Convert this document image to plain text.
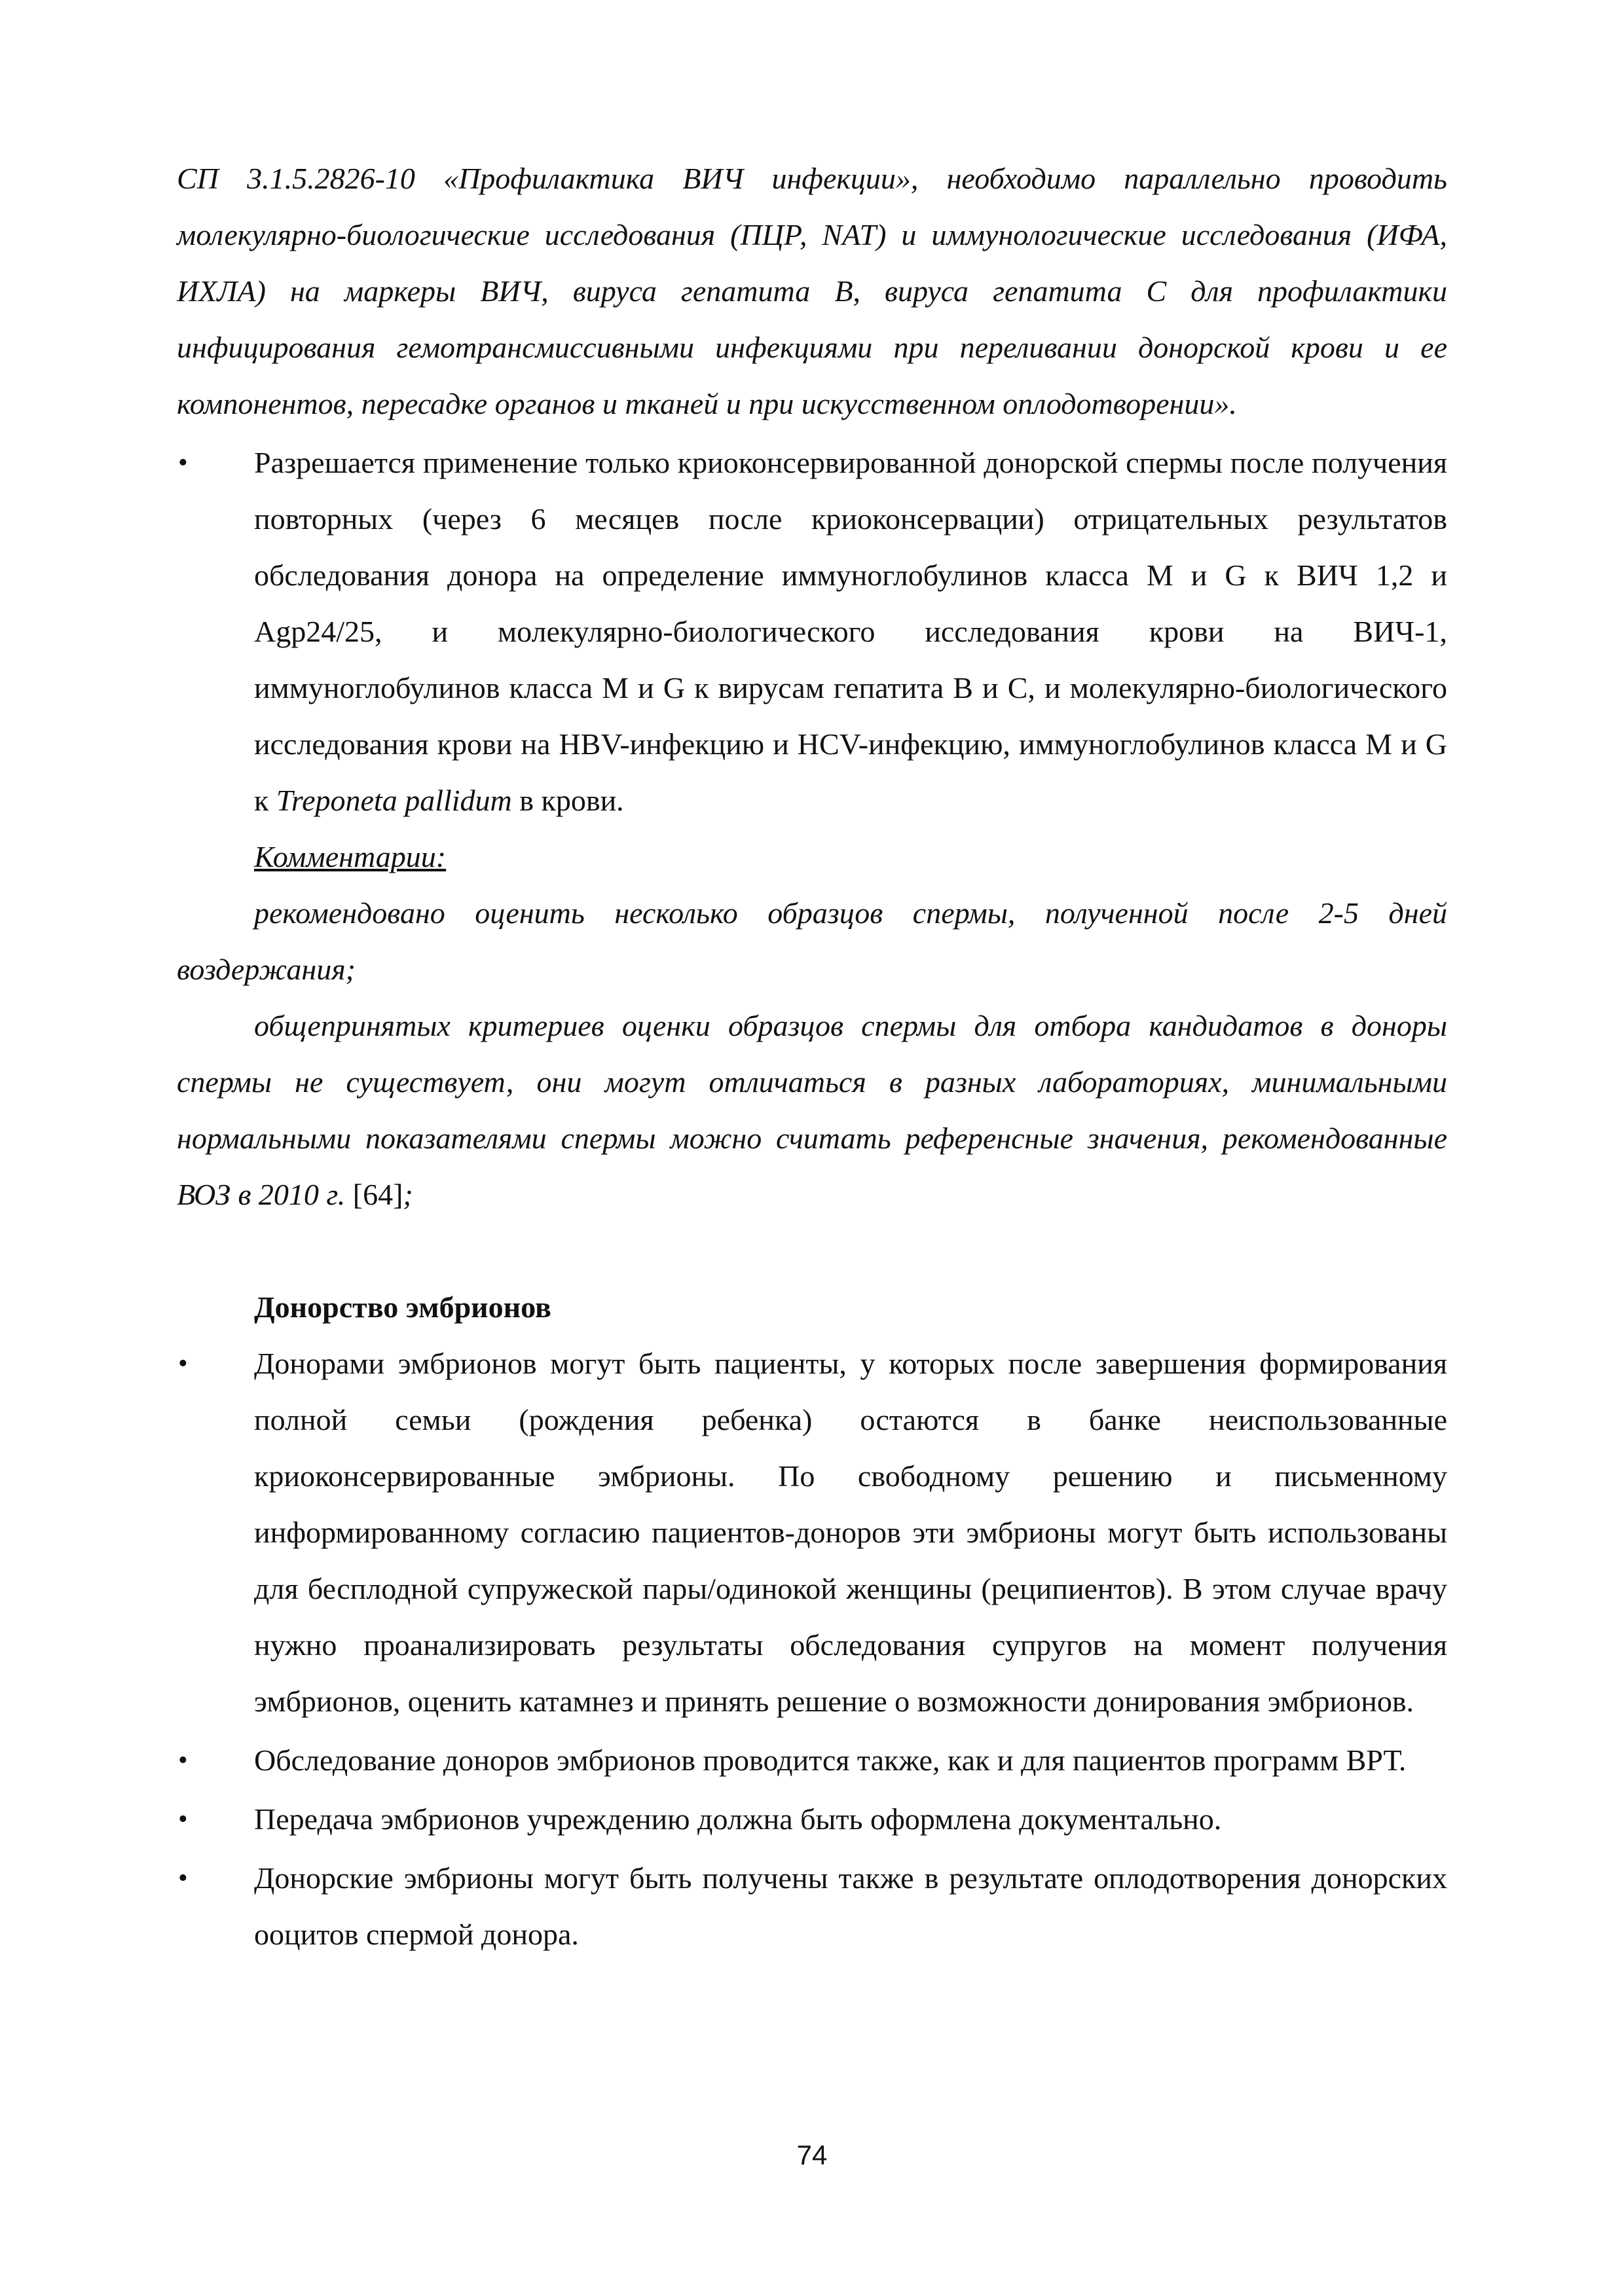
СП 3.1.5.2826-10 «Профилактика ВИЧ инфекции», необходимо параллельно проводить молекулярно-биологические исследования (ПЦР, NAT) и иммунологические исследования (ИФА, ИХЛА) на маркеры ВИЧ, вируса гепатита В, вируса гепатита С для профилактики инфицирования гемотрансмиссивными инфекциями при переливании донорской крови и ее компонентов, пересадке органов и тканей и при искусственном оплодотворении».

•	Разрешается применение только криоконсервированной донорской спермы после получения повторных (через 6 месяцев после криоконсервации) отрицательных результатов обследования донора на определение иммуноглобулинов класса M и G к ВИЧ 1,2 и Agp24/25, и молекулярно-биологического исследования крови на ВИЧ-1, иммуноглобулинов класса M и G к вирусам гепатита B и C, и молекулярно-биологического исследования крови на HBV-инфекцию и HCV-инфекцию, иммуноглобулинов класса M и G к Treponeta pallidum в крови.
Комментарии:

рекомендовано оценить несколько образцов спермы, полученной после 2-5 дней воздержания;

общепринятых критериев оценки образцов спермы для отбора кандидатов в доноры спермы не существует, они могут отличаться в разных лабораториях, минимальными нормальными показателями спермы можно считать референсные значения, рекомендованные ВОЗ в 2010 г. [64];

Донорство эмбрионов
•	Донорами эмбрионов могут быть пациенты, у которых после завершения формирования полной семьи (рождения ребенка) остаются в банке неиспользованные криоконсервированные эмбрионы. По свободному решению и письменному информированному согласию пациентов-доноров эти эмбрионы могут быть использованы для бесплодной супружеской пары/одинокой женщины (реципиентов). В этом случае врачу нужно проанализировать результаты обследования супругов на момент получения эмбрионов, оценить катамнез и принять решение о возможности донирования эмбрионов.
•	Обследование доноров эмбрионов проводится также, как и для пациентов программ ВРТ.
•	Передача эмбрионов учреждению должна быть оформлена документально.
•	Донорские эмбрионы могут быть получены также в результате оплодотворения донорских ооцитов спермой донора.
74
